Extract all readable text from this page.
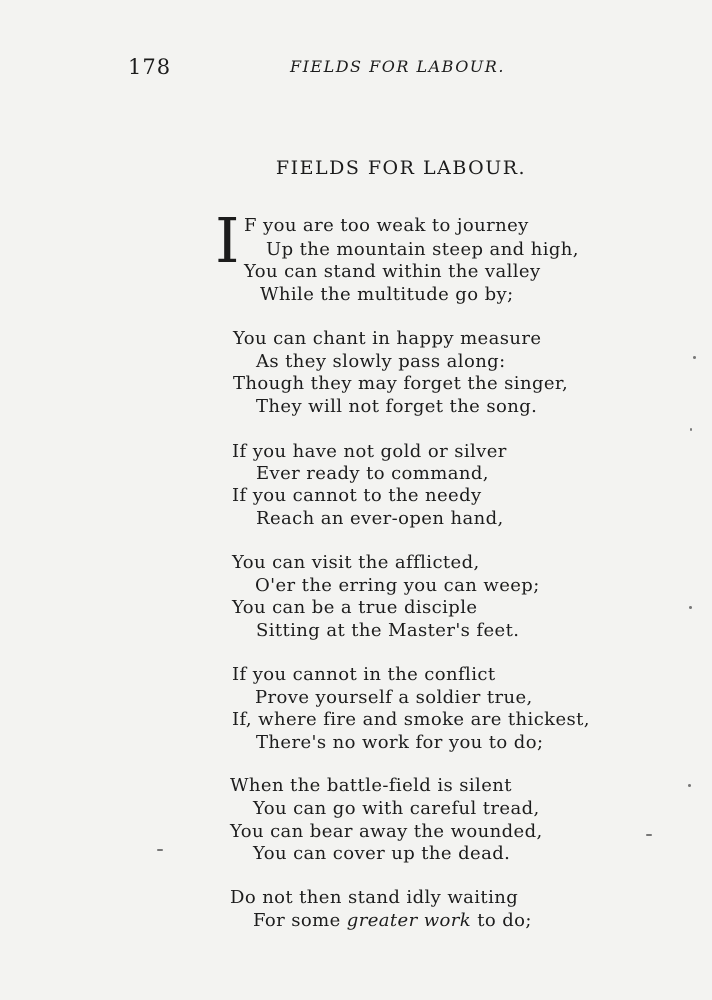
178	FIELDS FOR LABOUR.
FIELDS FOR LABOUR.
I F you are too weak to journey
Up the mountain steep and high,
You can stand within the valley
While the multitude go by;
You can chant in happy measure
As they slowly pass along:
Though they may forget the singer,
They will not forget the song.
If you have not gold or silver
Ever ready to command,
If you cannot to the needy
Reach an ever-open hand,
You can visit the afflicted,
O'er the erring you can weep;
You can be a true disciple
Sitting at the Master's feet.
If you cannot in the conflict
Prove yourself a soldier true,
If, where fire and smoke are thickest,
There's no work for you to do;
When the battle-field is silent
You can go with careful tread,
You can bear away the wounded,
You can cover up the dead.
Do not then stand idly waiting
For some greater work to do;
